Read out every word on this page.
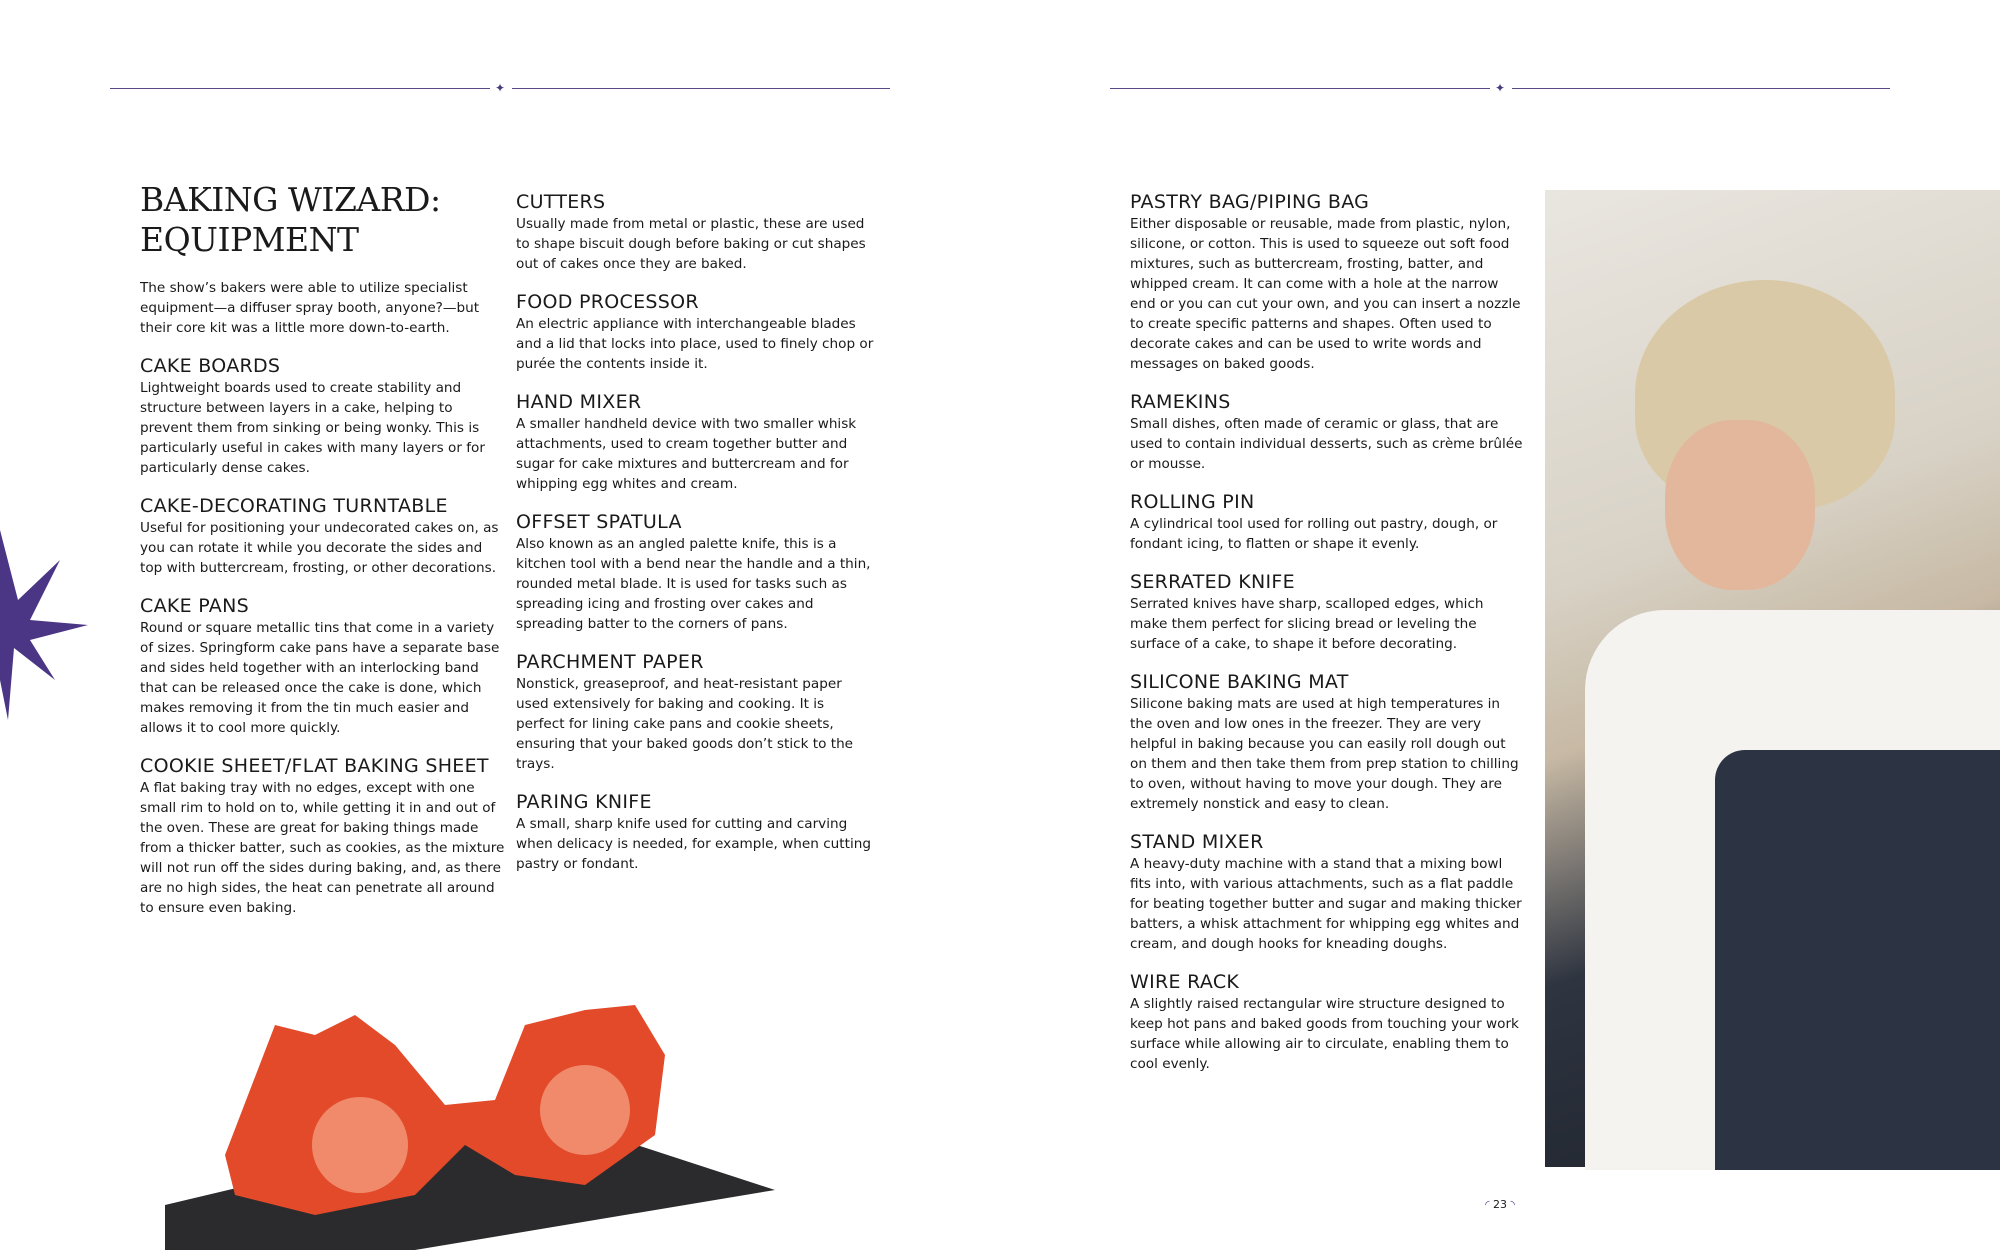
✦	✦
BAKING WIZARD: EQUIPMENT

The show’s bakers were able to utilize specialist equipment—a diffuser spray booth, anyone?—but their core kit was a little more down-to-earth.

CAKE BOARDS

Lightweight boards used to create stability and structure between layers in a cake, helping to prevent them from sinking or being wonky. This is particularly useful in cakes with many layers or for particularly dense cakes.

CAKE-DECORATING TURNTABLE

Useful for positioning your undecorated cakes on, as you can rotate it while you decorate the sides and top with buttercream, frosting, or other decorations.

CAKE PANS

Round or square metallic tins that come in a variety of sizes. Springform cake pans have a separate base and sides held together with an interlocking band that can be released once the cake is done, which makes removing it from the tin much easier and allows it to cool more quickly.

COOKIE SHEET/FLAT BAKING SHEET

A flat baking tray with no edges, except with one small rim to hold on to, while getting it in and out of the oven. These are great for baking things made from a thicker batter, such as cookies, as the mixture will not run off the sides during baking, and, as there are no high sides, the heat can penetrate all around to ensure even baking.

CUTTERS

Usually made from metal or plastic, these are used to shape biscuit dough before baking or cut shapes out of cakes once they are baked.

FOOD PROCESSOR

An electric appliance with interchangeable blades and a lid that locks into place, used to finely chop or purée the contents inside it.

HAND MIXER

A smaller handheld device with two smaller whisk attachments, used to cream together butter and sugar for cake mixtures and buttercream and for whipping egg whites and cream.

OFFSET SPATULA

Also known as an angled palette knife, this is a kitchen tool with a bend near the handle and a thin, rounded metal blade. It is used for tasks such as spreading icing and frosting over cakes and spreading batter to the corners of pans.

PARCHMENT PAPER

Nonstick, greaseproof, and heat-resistant paper used extensively for baking and cooking. It is perfect for lining cake pans and cookie sheets, ensuring that your baked goods don’t stick to the trays.

PARING KNIFE

A small, sharp knife used for cutting and carving when delicacy is needed, for example, when cutting pastry or fondant.

PASTRY BAG/PIPING BAG

Either disposable or reusable, made from plastic, nylon, silicone, or cotton. This is used to squeeze out soft food mixtures, such as buttercream, frosting, batter, and whipped cream. It can come with a hole at the narrow end or you can cut your own, and you can insert a nozzle to create specific patterns and shapes. Often used to decorate cakes and can be used to write words and messages on baked goods.

RAMEKINS

Small dishes, often made of ceramic or glass, that are used to contain individual desserts, such as crème brûlée or mousse.

ROLLING PIN

A cylindrical tool used for rolling out pastry, dough, or fondant icing, to flatten or shape it evenly.

SERRATED KNIFE

Serrated knives have sharp, scalloped edges, which make them perfect for slicing bread or leveling the surface of a cake, to shape it before decorating.

SILICONE BAKING MAT

Silicone baking mats are used at high temperatures in the oven and low ones in the freezer. They are very helpful in baking because you can easily roll dough out on them and then take them from prep station to chilling to oven, without having to move your dough. They are extremely nonstick and easy to clean.

STAND MIXER

A heavy-duty machine with a stand that a mixing bowl fits into, with various attachments, such as a flat paddle for beating together butter and sugar and making thicker batters, a whisk attachment for whipping egg whites and cream, and dough hooks for kneading doughs.

WIRE RACK

A slightly raised rectangular wire structure designed to keep hot pans and baked goods from touching your work surface while allowing air to circulate, enabling them to cool evenly.

◜ 23 ◝
